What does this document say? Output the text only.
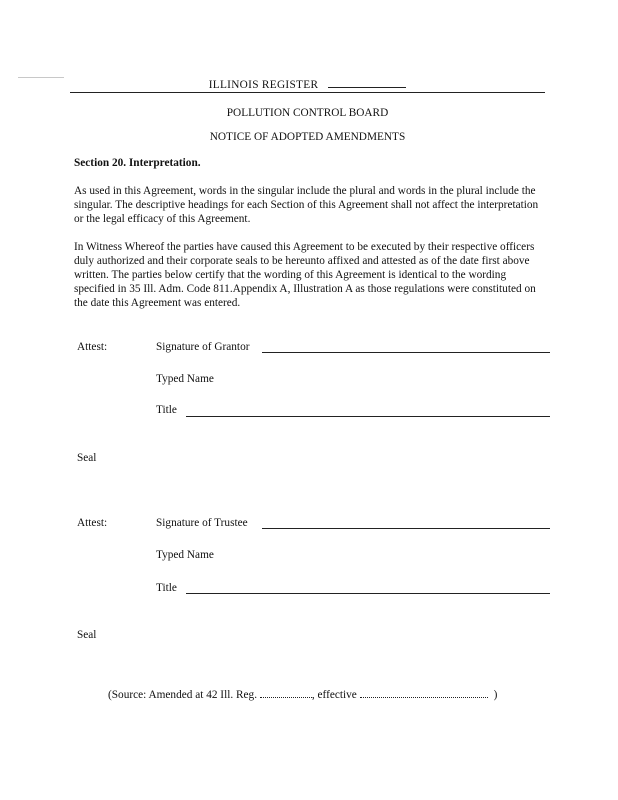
ILLINOIS REGISTER
POLLUTION CONTROL BOARD
NOTICE OF ADOPTED AMENDMENTS
Section 20. Interpretation.
As used in this Agreement, words in the singular include the plural and words in the plural include the singular. The descriptive headings for each Section of this Agreement shall not affect the interpretation or the legal efficacy of this Agreement.
In Witness Whereof the parties have caused this Agreement to be executed by their respective officers duly authorized and their corporate seals to be hereunto affixed and attested as of the date first above written. The parties below certify that the wording of this Agreement is identical to the wording specified in 35 Ill. Adm. Code 811.Appendix A, Illustration A as those regulations were constituted on the date this Agreement was entered.
Attest:	Signature of Grantor
Typed Name
Title
Seal
Attest:	Signature of Trustee
Typed Name
Title
Seal
(Source: Amended at 42 Ill. Reg.	, effective	)
